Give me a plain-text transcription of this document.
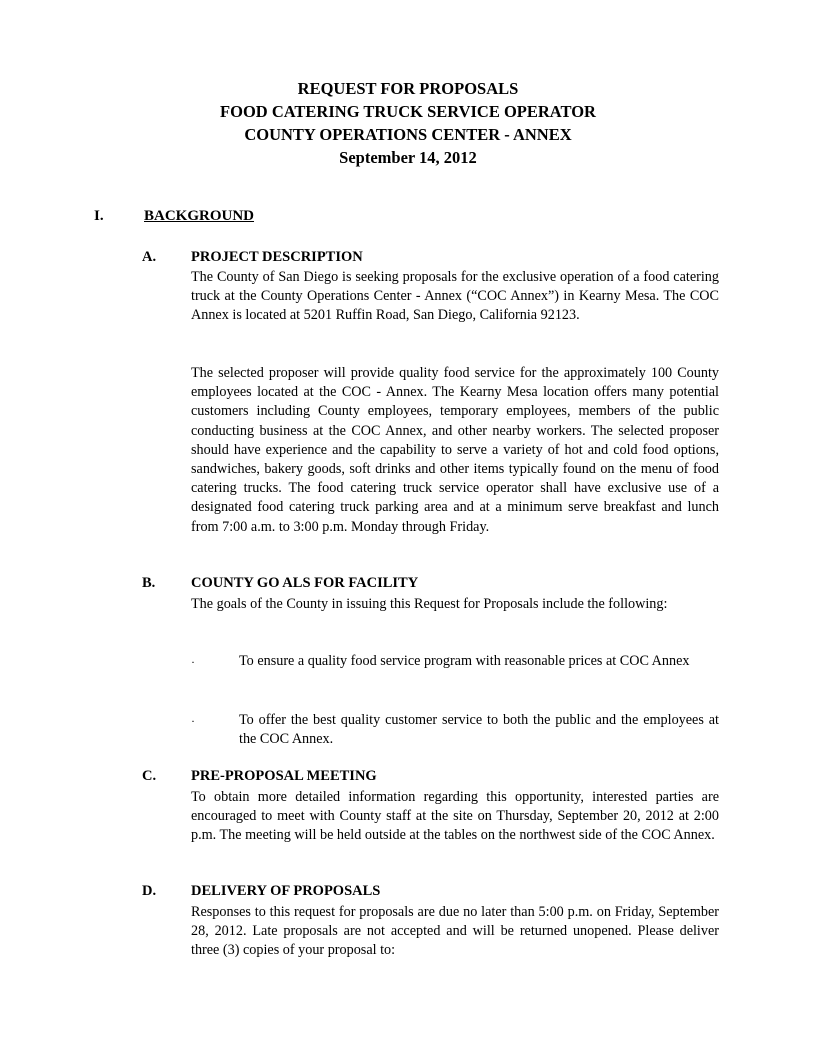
REQUEST FOR PROPOSALS
FOOD CATERING TRUCK SERVICE OPERATOR
COUNTY OPERATIONS CENTER - ANNEX
September 14, 2012
I.	BACKGROUND
A. PROJECT DESCRIPTION

The County of San Diego is seeking proposals for the exclusive operation of a food catering truck at the County Operations Center - Annex (“COC Annex”) in Kearny Mesa. The COC Annex is located at 5201 Ruffin Road, San Diego, California 92123.

The selected proposer will provide quality food service for the approximately 100 County employees located at the COC - Annex. The Kearny Mesa location offers many potential customers including County employees, temporary employees, members of the public conducting business at the COC Annex, and other nearby workers. The selected proposer should have experience and the capability to serve a variety of hot and cold food options, sandwiches, bakery goods, soft drinks and other items typically found on the menu of food catering trucks. The food catering truck service operator shall have exclusive use of a designated food catering truck parking area and at a minimum serve breakfast and lunch from 7:00 a.m. to 3:00 p.m. Monday through Friday.

B. COUNTY GO ALS FOR FACILITY

The goals of the County in issuing this Request for Proposals include the following:

·	To ensure a quality food service program with reasonable prices at COC Annex

·	To offer the best quality customer service to both the public and the employees at the COC Annex.

C. PRE-PROPOSAL MEETING

To obtain more detailed information regarding this opportunity, interested parties are encouraged to meet with County staff at the site on Thursday, September 20, 2012 at 2:00 p.m. The meeting will be held outside at the tables on the northwest side of the COC Annex.

D. DELIVERY OF PROPOSALS

Responses to this request for proposals are due no later than 5:00 p.m. on Friday, September 28, 2012. Late proposals are not accepted and will be returned unopened. Please deliver three (3) copies of your proposal to:
